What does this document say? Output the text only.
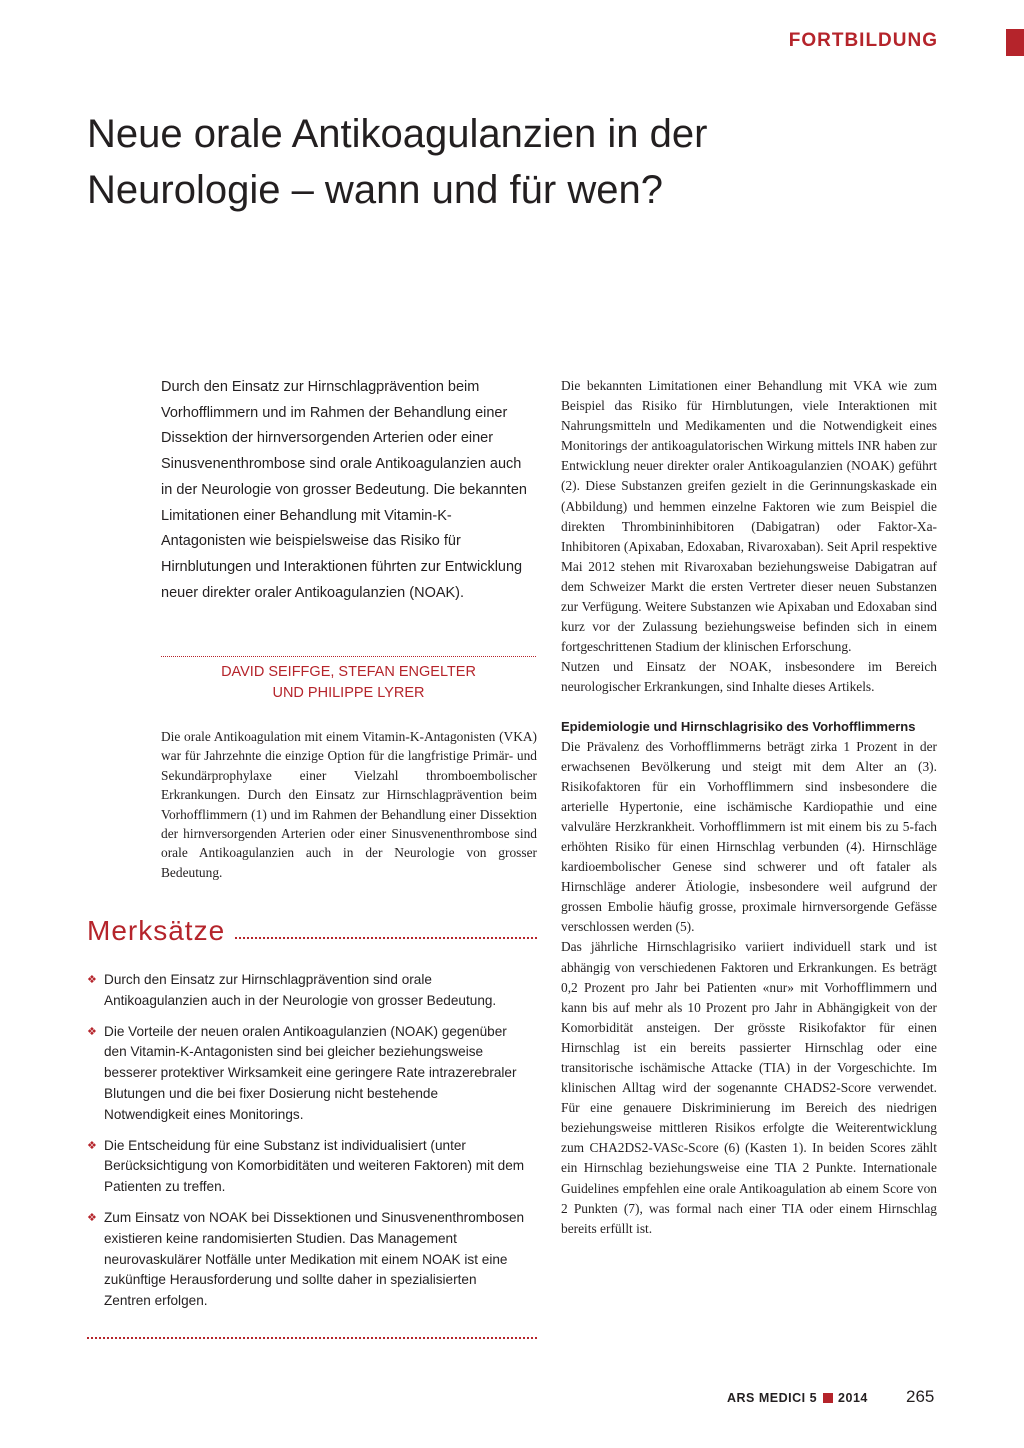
FORTBILDUNG
Neue orale Antikoagulanzien in der
Neurologie – wann und für wen?

Durch den Einsatz zur Hirnschlagprävention beim Vorhofflimmern und im Rahmen der Behandlung einer Dissektion der hirnversorgenden Arterien oder einer Sinusvenenthrombose sind orale Antikoagulanzien auch in der Neurologie von grosser Bedeutung. Die bekannten Limitationen einer Behandlung mit Vitamin-K-Antagonisten wie beispielsweise das Risiko für Hirnblutungen und Interaktionen führten zur Entwicklung neuer direkter oraler Antikoagulanzien (NOAK).

DAVID SEIFFGE, STEFAN ENGELTER
UND PHILIPPE LYRER

Die orale Antikoagulation mit einem Vitamin-K-Antagonisten (VKA) war für Jahrzehnte die einzige Option für die langfristige Primär- und Sekundärprophylaxe einer Vielzahl thromboembolischer Erkrankungen. Durch den Einsatz zur Hirnschlagprävention beim Vorhofflimmern (1) und im Rahmen der Behandlung einer Dissektion der hirnversorgenden Arterien oder einer Sinusvenenthrombose sind orale Antikoagulanzien auch in der Neurologie von grosser Bedeutung.

Merksätze
❖ Durch den Einsatz zur Hirnschlagprävention sind orale Antikoagulanzien auch in der Neurologie von grosser Bedeutung.
❖ Die Vorteile der neuen oralen Antikoagulanzien (NOAK) gegenüber den Vitamin-K-Antagonisten sind bei gleicher beziehungsweise besserer protektiver Wirksamkeit eine geringere Rate intrazerebraler Blutungen und die bei fixer Dosierung nicht bestehende Notwendigkeit eines Monitorings.
❖ Die Entscheidung für eine Substanz ist individualisiert (unter Berücksichtigung von Komorbiditäten und weiteren Faktoren) mit dem Patienten zu treffen.
❖ Zum Einsatz von NOAK bei Dissektionen und Sinusvenenthrombosen existieren keine randomisierten Studien. Das Management neurovaskulärer Notfälle unter Medikation mit einem NOAK ist eine zukünftige Herausforderung und sollte daher in spezialisierten Zentren erfolgen.

Die bekannten Limitationen einer Behandlung mit VKA wie zum Beispiel das Risiko für Hirnblutungen, viele Interaktionen mit Nahrungsmitteln und Medikamenten und die Notwendigkeit eines Monitorings der antikoagulatorischen Wirkung mittels INR haben zur Entwicklung neuer direkter oraler Antikoagulanzien (NOAK) geführt (2). Diese Substanzen greifen gezielt in die Gerinnungskaskade ein (Abbildung) und hemmen einzelne Faktoren wie zum Beispiel die direkten Thrombininhibitoren (Dabigatran) oder Faktor-Xa-Inhibitoren (Apixaban, Edoxaban, Rivaroxaban). Seit April respektive Mai 2012 stehen mit Rivaroxaban beziehungsweise Dabigatran auf dem Schweizer Markt die ersten Vertreter dieser neuen Substanzen zur Verfügung. Weitere Substanzen wie Apixaban und Edoxaban sind kurz vor der Zulassung beziehungsweise befinden sich in einem fortgeschrittenen Stadium der klinischen Erforschung.

Nutzen und Einsatz der NOAK, insbesondere im Bereich neurologischer Erkrankungen, sind Inhalte dieses Artikels.

Epidemiologie und Hirnschlagrisiko des Vorhofflimmerns

Die Prävalenz des Vorhofflimmerns beträgt zirka 1 Prozent in der erwachsenen Bevölkerung und steigt mit dem Alter an (3). Risikofaktoren für ein Vorhofflimmern sind insbesondere die arterielle Hypertonie, eine ischämische Kardiopathie und eine valvuläre Herzkrankheit. Vorhofflimmern ist mit einem bis zu 5-fach erhöhten Risiko für einen Hirnschlag verbunden (4). Hirnschläge kardioembolischer Genese sind schwerer und oft fataler als Hirnschläge anderer Ätiologie, insbesondere weil aufgrund der grossen Embolie häufig grosse, proximale hirnversorgende Gefässe verschlossen werden (5).

Das jährliche Hirnschlagrisiko variiert individuell stark und ist abhängig von verschiedenen Faktoren und Erkrankungen. Es beträgt 0,2 Prozent pro Jahr bei Patienten «nur» mit Vorhofflimmern und kann bis auf mehr als 10 Prozent pro Jahr in Abhängigkeit von der Komorbidität ansteigen. Der grösste Risikofaktor für einen Hirnschlag ist ein bereits passierter Hirnschlag oder eine transitorische ischämische Attacke (TIA) in der Vorgeschichte. Im klinischen Alltag wird der sogenannte CHADS2-Score verwendet. Für eine genauere Diskriminierung im Bereich des niedrigen beziehungsweise mittleren Risikos erfolgte die Weiterentwicklung zum CHA2DS2-VASc-Score (6) (Kasten 1). In beiden Scores zählt ein Hirnschlag beziehungsweise eine TIA 2 Punkte. Internationale Guidelines empfehlen eine orale Antikoagulation ab einem Score von 2 Punkten (7), was formal nach einer TIA oder einem Hirnschlag bereits erfüllt ist.

ARS MEDICI 5 2014 265
